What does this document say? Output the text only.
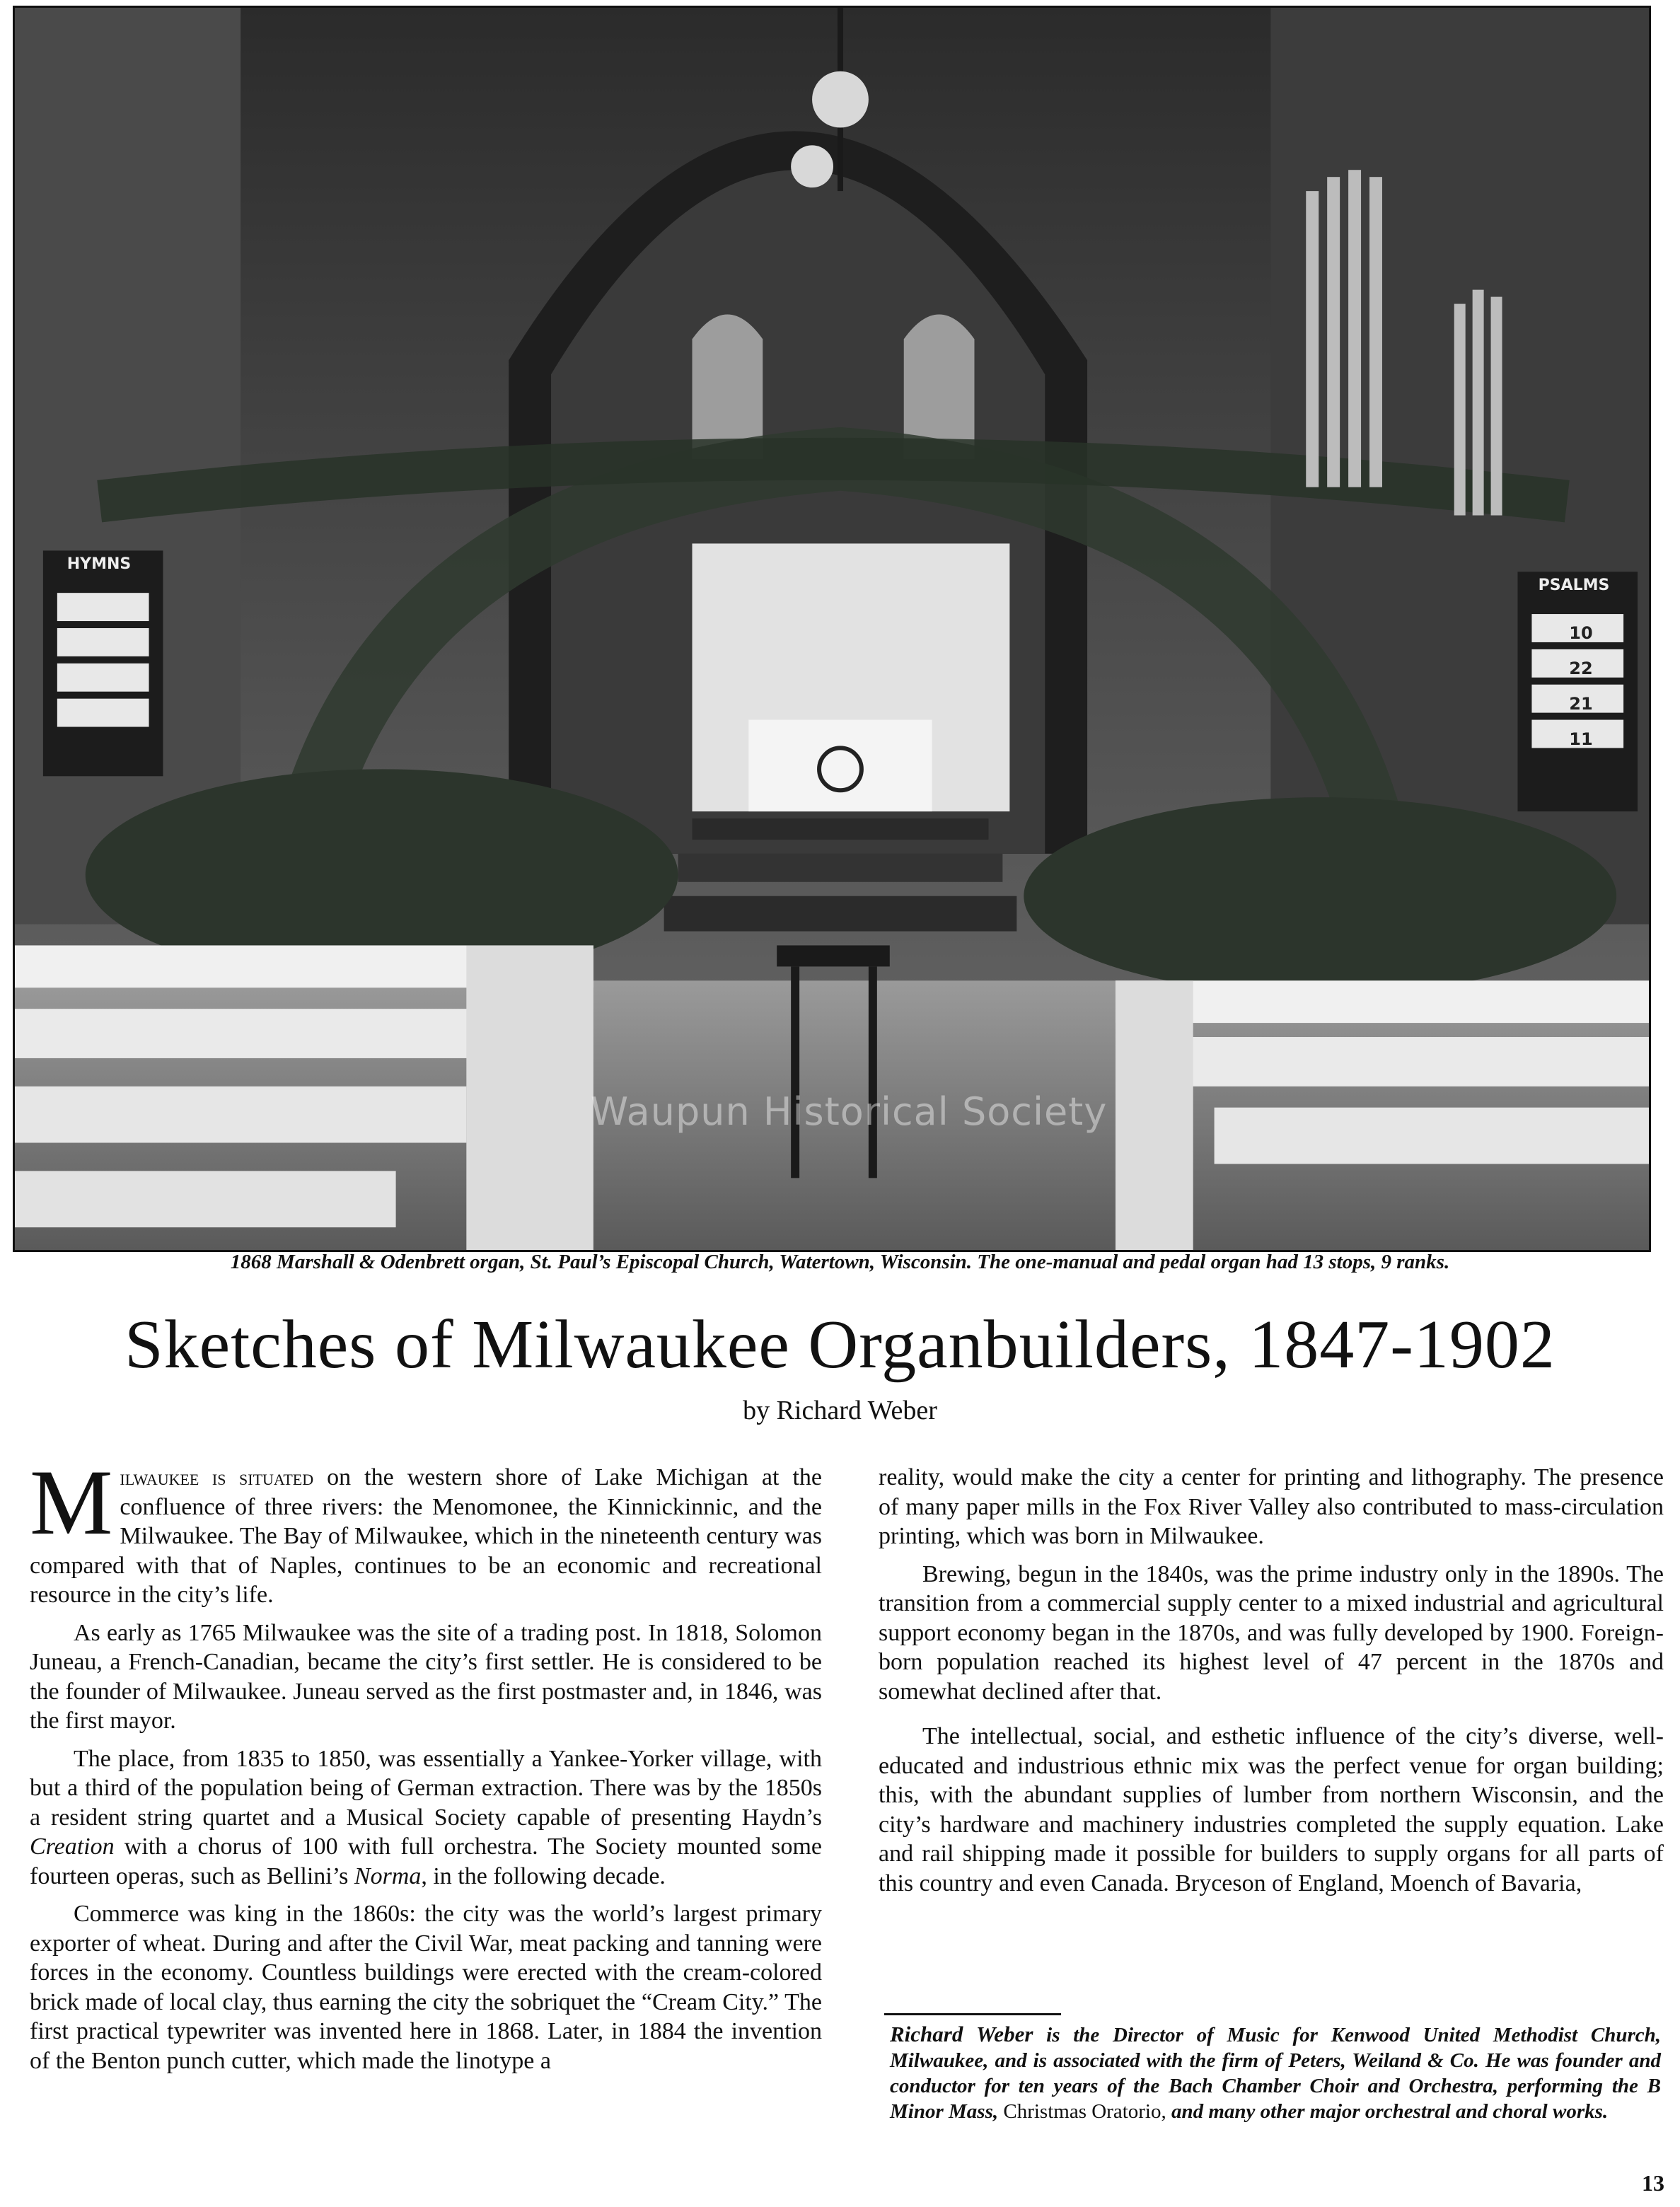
HYMNS
PSALMS
10
22
21
11
Waupun Historical Society
1868 Marshall & Odenbrett organ, St. Paul’s Episcopal Church, Watertown, Wisconsin. The one-manual and pedal organ had 13 stops, 9 ranks.
Sketches of Milwaukee Organbuilders, 1847-1902
by Richard Weber

Milwaukee is situated on the western shore of Lake Michigan at the confluence of three rivers: the Menomonee, the Kinnickinnic, and the Milwaukee. The Bay of Milwaukee, which in the nineteenth century was compared with that of Naples, continues to be an economic and recreational resource in the city’s life.

As early as 1765 Milwaukee was the site of a trading post. In 1818, Solomon Juneau, a French-Canadian, became the city’s first settler. He is considered to be the founder of Milwaukee. Juneau served as the first postmaster and, in 1846, was the first mayor.

The place, from 1835 to 1850, was essentially a Yankee-Yorker village, with but a third of the population being of German extraction. There was by the 1850s a resident string quartet and a Musical Society capable of presenting Haydn’s Creation with a chorus of 100 with full orchestra. The Society mounted some fourteen operas, such as Bellini’s Norma, in the following decade.

Commerce was king in the 1860s: the city was the world’s largest primary exporter of wheat. During and after the Civil War, meat packing and tanning were forces in the economy. Countless buildings were erected with the cream-colored brick made of local clay, thus earning the city the sobriquet the “Cream City.” The first practical typewriter was invented here in 1868. Later, in 1884 the invention of the Benton punch cutter, which made the linotype a

reality, would make the city a center for printing and lithography. The presence of many paper mills in the Fox River Valley also contributed to mass-circulation printing, which was born in Milwaukee.

Brewing, begun in the 1840s, was the prime industry only in the 1890s. The transition from a commercial supply center to a mixed industrial and agricultural support economy began in the 1870s, and was fully developed by 1900. Foreign-born population reached its highest level of 47 percent in the 1870s and somewhat declined after that.

The intellectual, social, and esthetic influence of the city’s diverse, well-educated and industrious ethnic mix was the perfect venue for organ building; this, with the abundant supplies of lumber from northern Wisconsin, and the city’s hardware and machinery industries completed the supply equation. Lake and rail shipping made it possible for builders to supply organs for all parts of this country and even Canada. Bryceson of England, Moench of Bavaria,

Richard Weber is the Director of Music for Kenwood United Methodist Church, Milwaukee, and is associated with the firm of Peters, Weiland & Co. He was founder and conductor for ten years of the Bach Chamber Choir and Orchestra, performing the B Minor Mass, Christmas Oratorio, and many other major orchestral and choral works.
13
